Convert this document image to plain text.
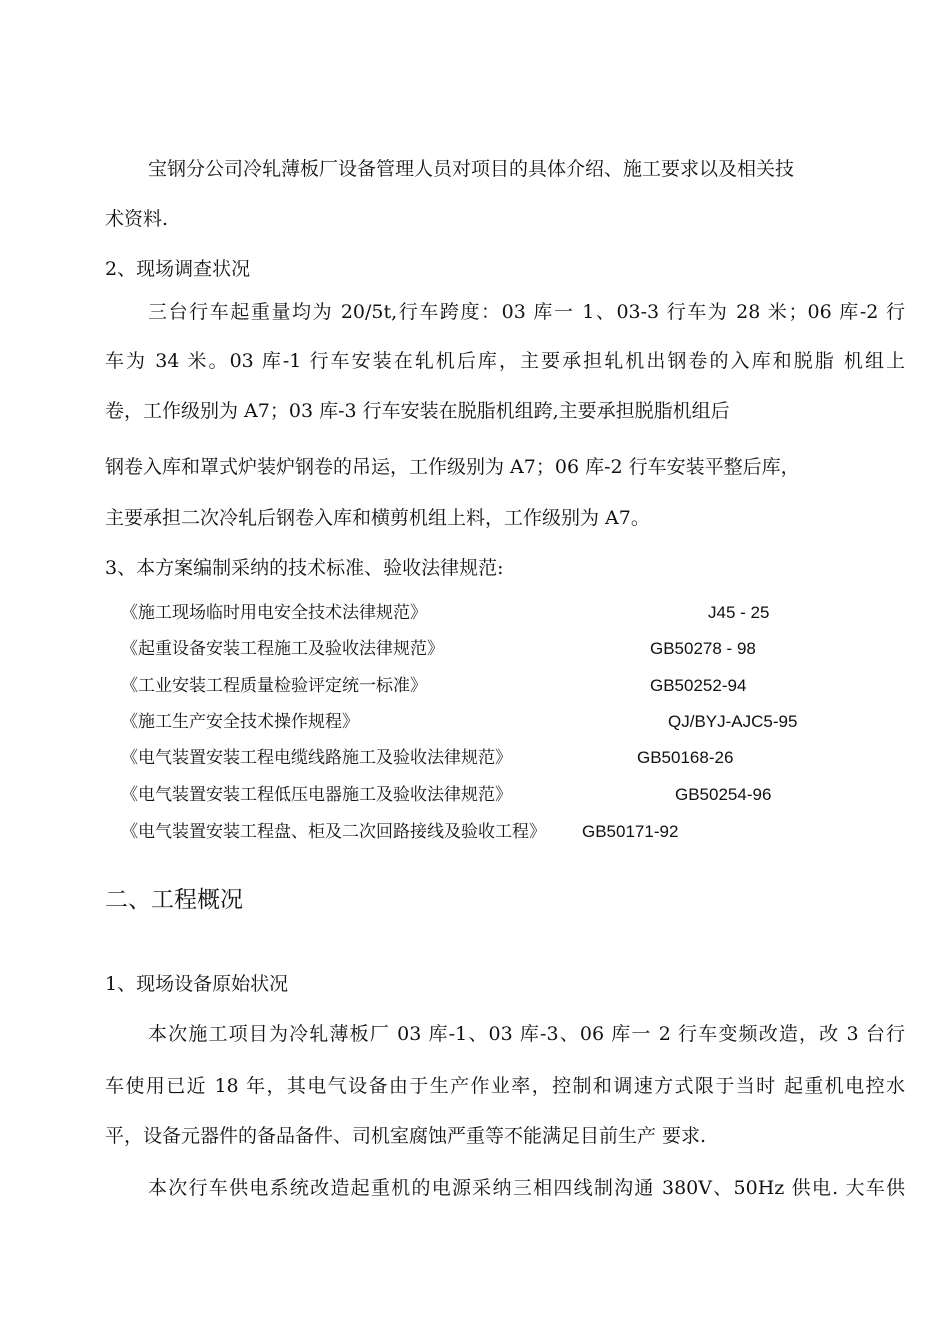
宝钢分公司冷轧薄板厂设备管理人员对项目的具体介绍、施工要求以及相关技
术资料.
2、现场调查状况
三台行车起重量均为 20/5t,行车跨度：03 库一 1、03-3 行车为 28 米；06 库-2 行
车为 34 米。03 库-1 行车安装在轧机后库，主要承担轧机出钢卷的入库和脱脂 机组上
卷，工作级别为 A7；03 库-3 行车安装在脱脂机组跨,主要承担脱脂机组后
钢卷入库和罩式炉装炉钢卷的吊运，工作级别为 A7；06 库-2 行车安装平整后库，
主要承担二次冷轧后钢卷入库和横剪机组上料，工作级别为 A7。
3、本方案编制采纳的技术标准、验收法律规范:
《施工现场临时用电安全技术法律规范》	J45 - 25
《起重设备安装工程施工及验收法律规范》	GB50278 - 98
《工业安装工程质量检验评定统一标准》	GB50252-94
《施工生产安全技术操作规程》	QJ/BYJ-AJC5-95
《电气装置安装工程电缆线路施工及验收法律规范》	GB50168-26
《电气装置安装工程低压电器施工及验收法律规范》	GB50254-96
《电气装置安装工程盘、柜及二次回路接线及验收工程》 GB50171-92
二、工程概况
1、现场设备原始状况
本次施工项目为冷轧薄板厂 03 库-1、03 库-3、06 库一 2 行车变频改造，改 3 台行
车使用已近 18 年，其电气设备由于生产作业率，控制和调速方式限于当时 起重机电控水
平，设备元器件的备品备件、司机室腐蚀严重等不能满足目前生产 要求.
本次行车供电系统改造起重机的电源采纳三相四线制沟通 380V、50Hz 供电. 大车供
